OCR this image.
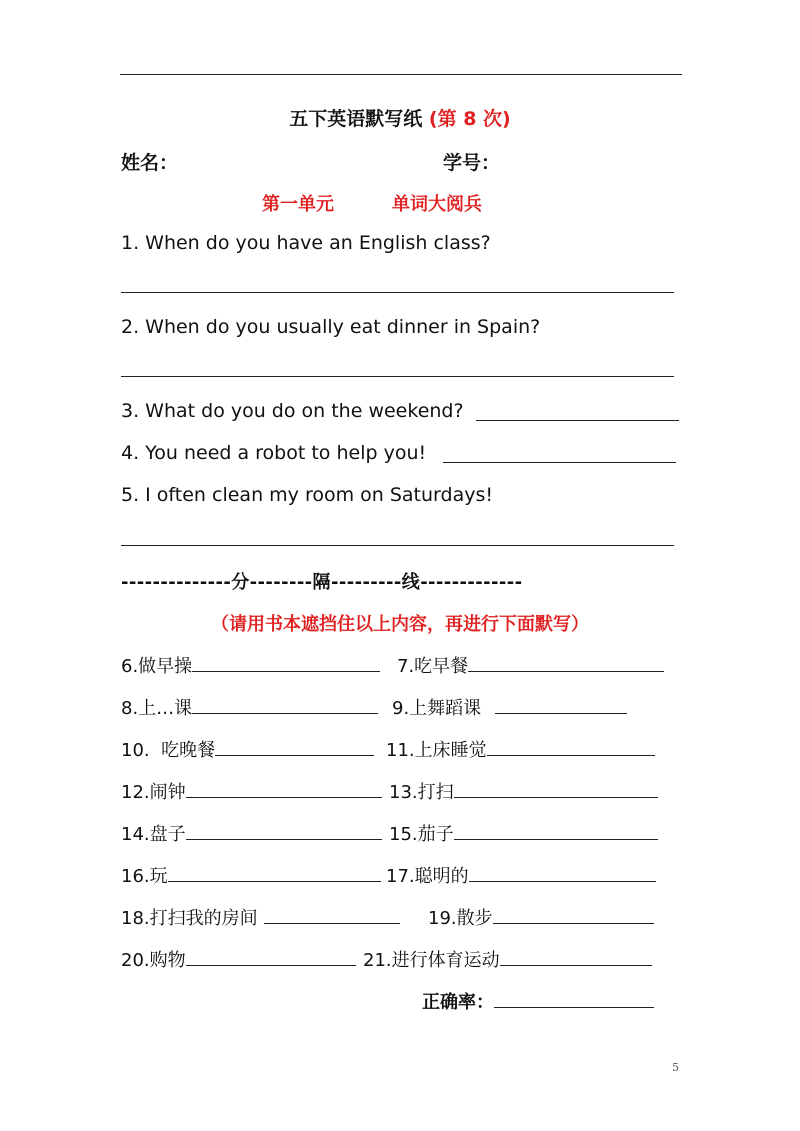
五下英语默写纸 (第 8 次)
姓名：	学号：
第一单元	单词大阅兵
1. When do you have an English class?
2. When do you usually eat dinner in Spain?
3. What do you do on the weekend?
4. You need a robot to help you!
5. I often clean my room on Saturdays!
--------------分--------隔---------线-------------
（请用书本遮挡住以上内容，再进行下面默写）
6.做早操	7.吃早餐
8.上…课	9.上舞蹈课
10.  吃晚餐	11.上床睡觉
12.闹钟	13.打扫
14.盘子	15.茄子
16.玩	17.聪明的
18.打扫我的房间	19.散步
20.购物	21.进行体育运动
正确率：
5
